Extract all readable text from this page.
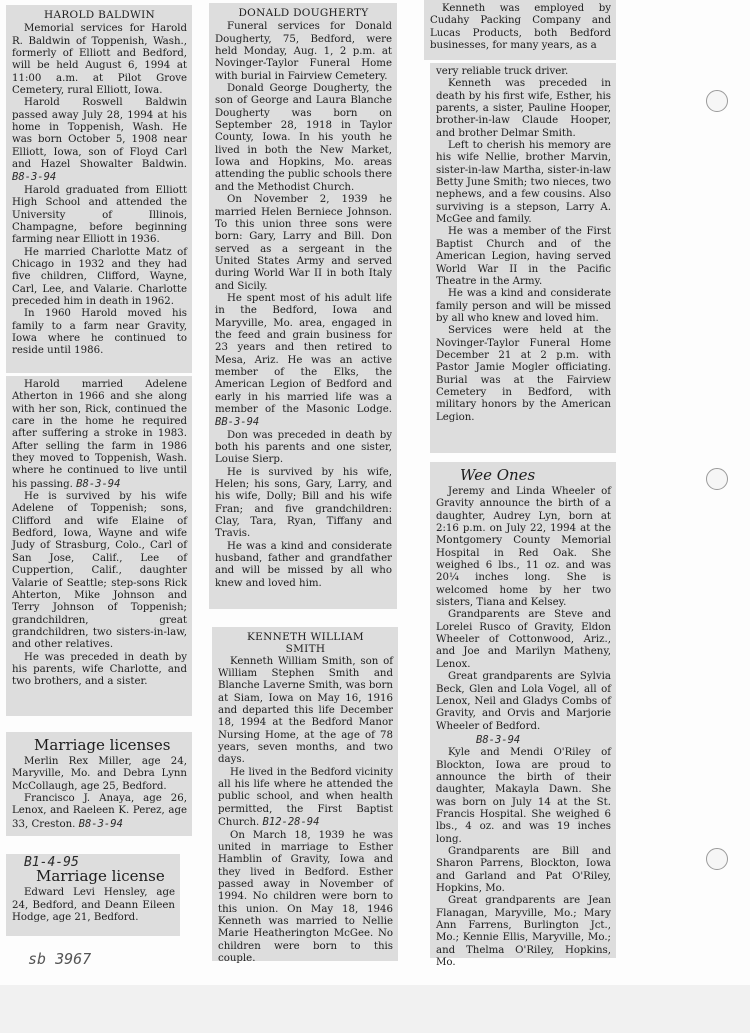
HAROLD BALDWIN

Memorial services for Harold R. Baldwin of Toppenish, Wash., formerly of Elliott and Bedford, will be held August 6, 1994 at 11:00 a.m. at Pilot Grove Cemetery, rural Elliott, Iowa.

Harold Roswell Baldwin passed away July 28, 1994 at his home in Toppenish, Wash. He was born October 5, 1908 near Elliott, Iowa, son of Floyd Carl and Hazel Showalter Baldwin. B8-3-94

Harold graduated from Elliott High School and attended the University of Illinois, Champagne, before beginning farming near Elliott in 1936.

He married Charlotte Matz of Chicago in 1932 and they had five children, Clifford, Wayne, Carl, Lee, and Valarie. Charlotte preceded him in death in 1962.

In 1960 Harold moved his family to a farm near Gravity, Iowa where he continued to reside until 1986.

Harold married Adelene Atherton in 1966 and she along with her son, Rick, continued the care in the home he required after suffering a stroke in 1983. After selling the farm in 1986 they moved to Toppenish, Wash. where he continued to live until his passing. B8-3-94

He is survived by his wife Adelene of Toppenish; sons, Clifford and wife Elaine of Bedford, Iowa, Wayne and wife Judy of Strasburg, Colo., Carl of San Jose, Calif., Lee of Cuppertion, Calif., daughter Valarie of Seattle; step-sons Rick Ahterton, Mike Johnson and Terry Johnson of Toppenish; grandchildren, great grandchildren, two sisters-in-law, and other relatives.

He was preceded in death by his parents, wife Charlotte, and two brothers, and a sister.

Marriage licenses

Merlin Rex Miller, age 24, Maryville, Mo. and Debra Lynn McCollaugh, age 25, Bedford.

Francisco J. Anaya, age 26, Lenox, and Raeleen K. Perez, age 33, Creston. B8-3-94

B1-4-95

Marriage license

Edward Levi Hensley, age 24, Bedford, and Deann Eileen Hodge, age 21, Bedford.

sb 3967

DONALD DOUGHERTY

Funeral services for Donald Dougherty, 75, Bedford, were held Monday, Aug. 1, 2 p.m. at Novinger-Taylor Funeral Home with burial in Fairview Cemetery.

Donald George Dougherty, the son of George and Laura Blanche Dougherty was born on September 28, 1918 in Taylor County, Iowa. In his youth he lived in both the New Market, Iowa and Hopkins, Mo. areas attending the public schools there and the Methodist Church.

On November 2, 1939 he married Helen Berniece Johnson. To this union three sons were born: Gary, Larry and Bill. Don served as a sergeant in the United States Army and served during World War II in both Italy and Sicily.

He spent most of his adult life in the Bedford, Iowa and Maryville, Mo. area, engaged in the feed and grain business for 23 years and then retired to Mesa, Ariz. He was an active member of the Elks, the American Legion of Bedford and early in his married life was a member of the Masonic Lodge. BB-3-94

Don was preceded in death by both his parents and one sister, Louise Sierp.

He is survived by his wife, Helen; his sons, Gary, Larry, and his wife, Dolly; Bill and his wife Fran; and five grandchildren: Clay, Tara, Ryan, Tiffany and Travis.

He was a kind and considerate husband, father and grandfather and will be missed by all who knew and loved him.

KENNETH WILLIAM
SMITH

Kenneth William Smith, son of William Stephen Smith and Blanche Laverne Smith, was born at Siam, Iowa on May 16, 1916 and departed this life December 18, 1994 at the Bedford Manor Nursing Home, at the age of 78 years, seven months, and two days.

He lived in the Bedford vicinity all his life where he attended the public school, and when health permitted, the First Baptist Church. B12-28-94

On March 18, 1939 he was united in marriage to Esther Hamblin of Gravity, Iowa and they lived in Bedford. Esther passed away in November of 1994. No children were born to this union. On May 18, 1946 Kenneth was married to Nellie Marie Heatherington McGee. No children were born to this couple.

Kenneth was employed by Cudahy Packing Company and Lucas Products, both Bedford businesses, for many years, as a

very reliable truck driver.

Kenneth was preceded in death by his first wife, Esther, his parents, a sister, Pauline Hooper, brother-in-law Claude Hooper, and brother Delmar Smith.

Left to cherish his memory are his wife Nellie, brother Marvin, sister-in-law Martha, sister-in-law Betty June Smith; two nieces, two nephews, and a few cousins. Also surviving is a stepson, Larry A. McGee and family.

He was a member of the First Baptist Church and of the American Legion, having served World War II in the Pacific Theatre in the Army.

He was a kind and considerate family person and will be missed by all who knew and loved him.

Services were held at the Novinger-Taylor Funeral Home December 21 at 2 p.m. with Pastor Jamie Mogler officiating. Burial was at the Fairview Cemetery in Bedford, with military honors by the American Legion.

Wee Ones

Jeremy and Linda Wheeler of Gravity announce the birth of a daughter, Audrey Lyn, born at 2:16 p.m. on July 22, 1994 at the Montgomery County Memorial Hospital in Red Oak. She weighed 6 lbs., 11 oz. and was 20¼ inches long. She is welcomed home by her two sisters, Tiana and Kelsey.

Grandparents are Steve and Lorelei Rusco of Gravity, Eldon Wheeler of Cottonwood, Ariz., and Joe and Marilyn Matheny, Lenox.

Great grandparents are Sylvia Beck, Glen and Lola Vogel, all of Lenox, Neil and Gladys Combs of Gravity, and Orvis and Marjorie Wheeler of Bedford.

B8-3-94

Kyle and Mendi O'Riley of Blockton, Iowa are proud to announce the birth of their daughter, Makayla Dawn. She was born on July 14 at the St. Francis Hospital. She weighed 6 lbs., 4 oz. and was 19 inches long.

Grandparents are Bill and Sharon Parrens, Blockton, Iowa and Garland and Pat O'Riley, Hopkins, Mo.

Great grandparents are Jean Flanagan, Maryville, Mo.; Mary Ann Farrens, Burlington Jct., Mo.; Kennie Ellis, Maryville, Mo.; and Thelma O'Riley, Hopkins, Mo.
